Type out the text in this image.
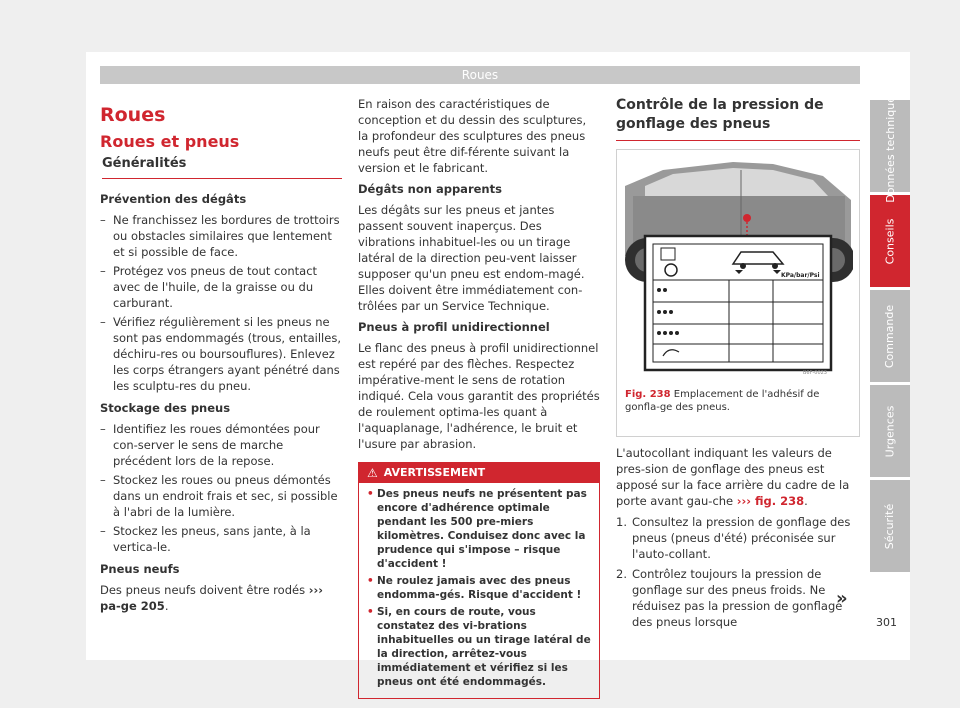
Roues
Roues
Roues et pneus
Généralités

Prévention des dégâts

– Ne franchissez les bordures de trottoirs ou obstacles similaires que lentement et si possible de face.
– Protégez vos pneus de tout contact avec de l'huile, de la graisse ou du carburant.
– Vérifiez régulièrement si les pneus ne sont pas endommagés (trous, entailles, déchiru-res ou boursouflures). Enlevez les corps étrangers ayant pénétré dans les sculptu-res du pneu.

Stockage des pneus

– Identifiez les roues démontées pour con-server le sens de marche précédent lors de la repose.
– Stockez les roues ou pneus démontés dans un endroit frais et sec, si possible à l'abri de la lumière.
– Stockez les pneus, sans jante, à la vertica-le.

Pneus neufs

Des pneus neufs doivent être rodés ››› pa-ge 205.

En raison des caractéristiques de conception et du dessin des sculptures, la profondeur des sculptures des pneus neufs peut être dif-férente suivant la version et le fabricant.

Dégâts non apparents

Les dégâts sur les pneus et jantes passent souvent inaperçus. Des vibrations inhabituel-les ou un tirage latéral de la direction peu-vent laisser supposer qu'un pneu est endom-magé. Elles doivent être immédiatement con-trôlées par un Service Technique.

Pneus à profil unidirectionnel

Le flanc des pneus à profil unidirectionnel est repéré par des flèches. Respectez impérative-ment le sens de rotation indiqué. Cela vous garantit des propriétés de roulement optima-les quant à l'aquaplanage, l'adhérence, le bruit et l'usure par abrasion.

⚠ AVERTISSEMENT
• Des pneus neufs ne présentent pas encore d'adhérence optimale pendant les 500 pre-miers kilomètres. Conduisez donc avec la prudence qui s'impose – risque d'accident !
• Ne roulez jamais avec des pneus endomma-gés. Risque d'accident !
• Si, en cours de route, vous constatez des vi-brations inhabituelles ou un tirage latéral de la direction, arrêtez-vous immédiatement et vérifiez si les pneus ont été endommagés.
Contrôle de la pression de gonflage des pneus
KPa/bar/Psi
B6F-0023
Fig. 238 Emplacement de l'adhésif de gonfla-ge des pneus.

L'autocollant indiquant les valeurs de pres-sion de gonflage des pneus est apposé sur la face arrière du cadre de la porte avant gau-che ››› fig. 238.

1. Consultez la pression de gonflage des pneus (pneus d'été) préconisée sur l'auto-collant.
2. Contrôlez toujours la pression de gonflage sur des pneus froids. Ne réduisez pas la pression de gonflage des pneus lorsque
»
301
Données techniques
Conseils
Commande
Urgences
Sécurité
